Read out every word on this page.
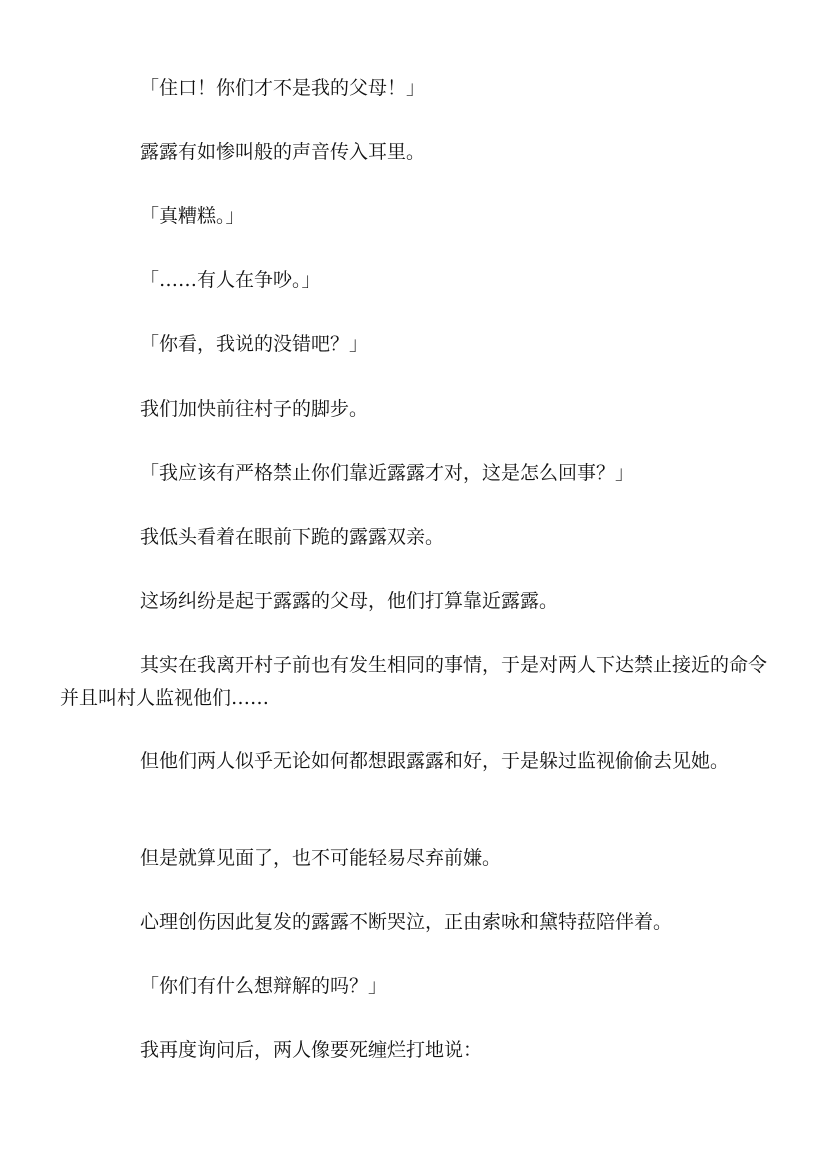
「住口！你们才不是我的父母！」

露露有如惨叫般的声音传入耳里。

「真糟糕。」

「……有人在争吵。」

「你看，我说的没错吧？」

我们加快前往村子的脚步。

「我应该有严格禁止你们靠近露露才对，这是怎么回事？」

我低头看着在眼前下跪的露露双亲。

这场纠纷是起于露露的父母，他们打算靠近露露。

其实在我离开村子前也有发生相同的事情，于是对两人下达禁止接近的命令并且叫村人监视他们……

但他们两人似乎无论如何都想跟露露和好，于是躲过监视偷偷去见她。

但是就算见面了，也不可能轻易尽弃前嫌。

心理创伤因此复发的露露不断哭泣，正由索咏和黛特菈陪伴着。

「你们有什么想辩解的吗？」

我再度询问后，两人像要死缠烂打地说：
